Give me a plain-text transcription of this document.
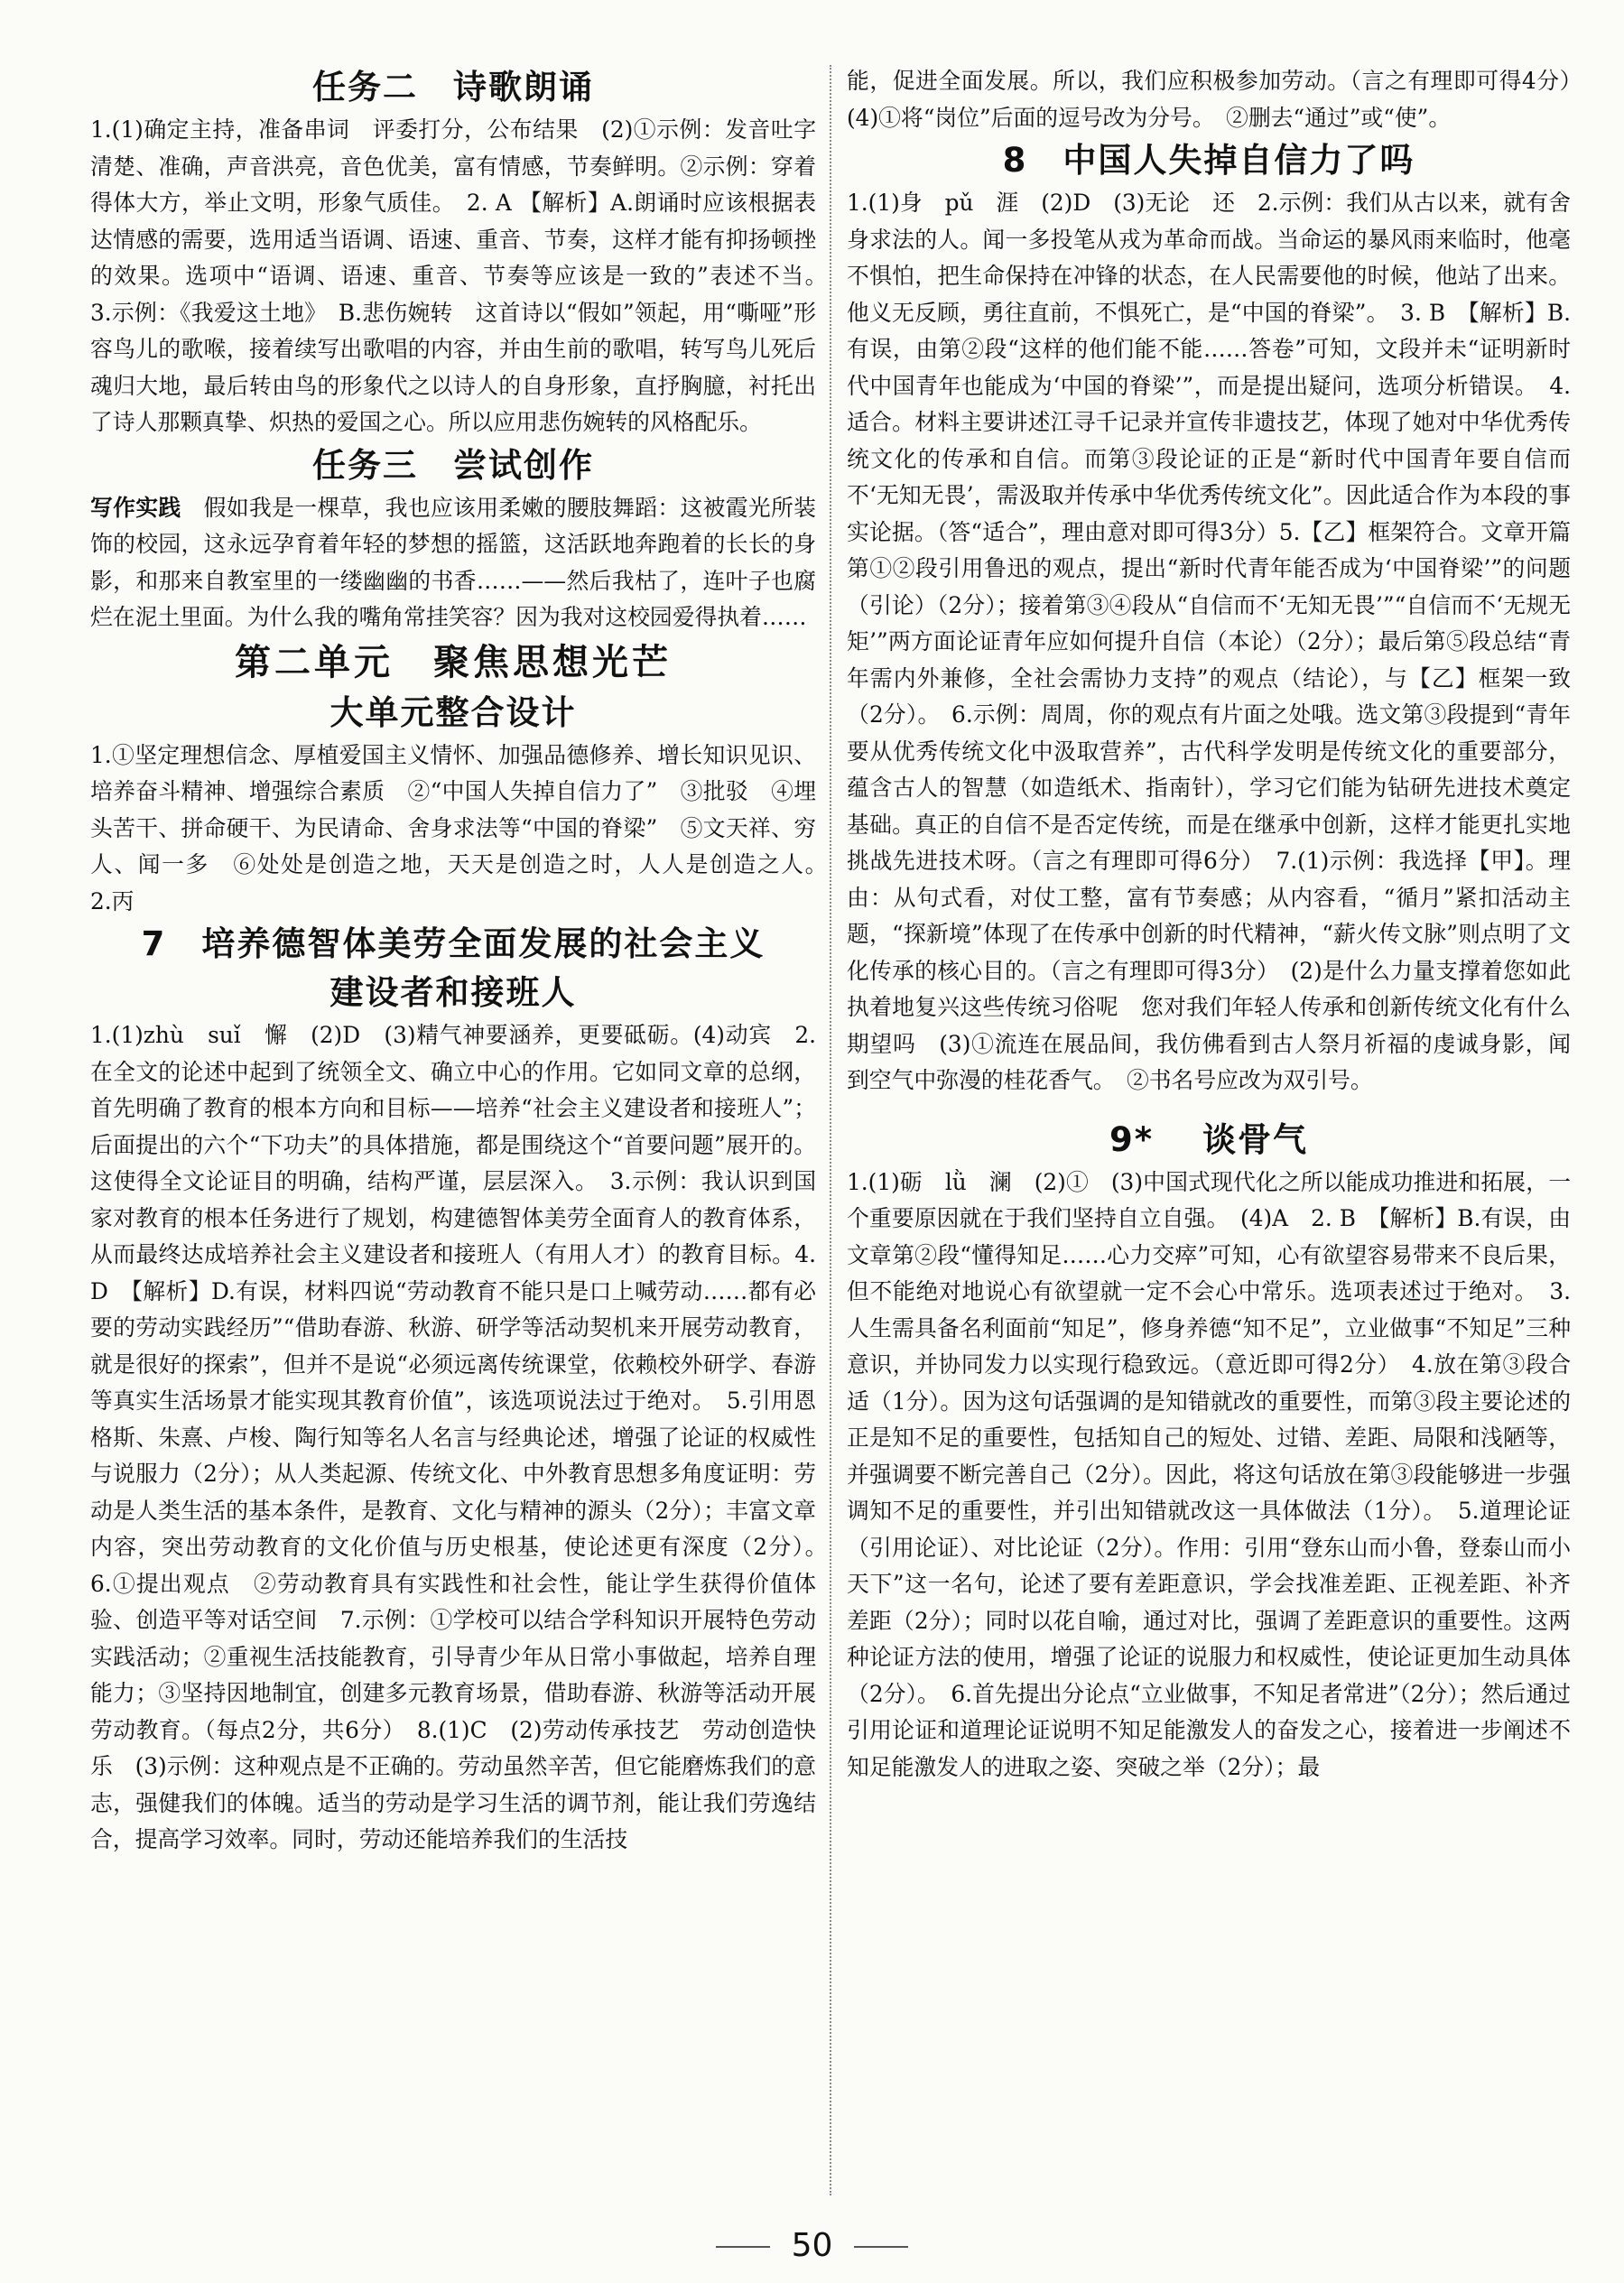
任务二　诗歌朗诵

1.(1)确定主持，准备串词　评委打分，公布结果　(2)①示例：发音吐字清楚、准确，声音洪亮，音色优美，富有情感，节奏鲜明。②示例：穿着得体大方，举止文明，形象气质佳。　2. A 【解析】A.朗诵时应该根据表达情感的需要，选用适当语调、语速、重音、节奏，这样才能有抑扬顿挫的效果。选项中“语调、语速、重音、节奏等应该是一致的”表述不当。　3.示例：《我爱这土地》　B.悲伤婉转　这首诗以“假如”领起，用“嘶哑”形容鸟儿的歌喉，接着续写出歌唱的内容，并由生前的歌唱，转写鸟儿死后魂归大地，最后转由鸟的形象代之以诗人的自身形象，直抒胸臆，衬托出了诗人那颗真挚、炽热的爱国之心。所以应用悲伤婉转的风格配乐。

任务三　尝试创作

写作实践　假如我是一棵草，我也应该用柔嫩的腰肢舞蹈：这被霞光所装饰的校园，这永远孕育着年轻的梦想的摇篮，这活跃地奔跑着的长长的身影，和那来自教室里的一缕幽幽的书香……——然后我枯了，连叶子也腐烂在泥土里面。为什么我的嘴角常挂笑容？因为我对这校园爱得执着……

第二单元　聚焦思想光芒
大单元整合设计

1.①坚定理想信念、厚植爱国主义情怀、加强品德修养、增长知识见识、培养奋斗精神、增强综合素质　②“中国人失掉自信力了”　③批驳　④埋头苦干、拼命硬干、为民请命、舍身求法等“中国的脊梁”　⑤文天祥、穷人、闻一多　⑥处处是创造之地，天天是创造之时，人人是创造之人。　2.丙

7　培养德智体美劳全面发展的社会主义
建设者和接班人

1.(1)zhù　suǐ　懈　(2)D　(3)精气神要涵养，更要砥砺。(4)动宾　2.在全文的论述中起到了统领全文、确立中心的作用。它如同文章的总纲，首先明确了教育的根本方向和目标——培养“社会主义建设者和接班人”；后面提出的六个“下功夫”的具体措施，都是围绕这个“首要问题”展开的。这使得全文论证目的明确，结构严谨，层层深入。　3.示例：我认识到国家对教育的根本任务进行了规划，构建德智体美劳全面育人的教育体系，从而最终达成培养社会主义建设者和接班人（有用人才）的教育目标。4. D　【解析】D.有误，材料四说“劳动教育不能只是口上喊劳动……都有必要的劳动实践经历”“借助春游、秋游、研学等活动契机来开展劳动教育，就是很好的探索”，但并不是说“必须远离传统课堂，依赖校外研学、春游等真实生活场景才能实现其教育价值”，该选项说法过于绝对。　5.引用恩格斯、朱熹、卢梭、陶行知等名人名言与经典论述，增强了论证的权威性与说服力（2分）；从人类起源、传统文化、中外教育思想多角度证明：劳动是人类生活的基本条件，是教育、文化与精神的源头（2分）；丰富文章内容，突出劳动教育的文化价值与历史根基，使论述更有深度（2分）。　6.①提出观点　②劳动教育具有实践性和社会性，能让学生获得价值体验、创造平等对话空间　7.示例：①学校可以结合学科知识开展特色劳动实践活动；②重视生活技能教育，引导青少年从日常小事做起，培养自理能力；③坚持因地制宜，创建多元教育场景，借助春游、秋游等活动开展劳动教育。（每点2分，共6分）　8.(1)C　(2)劳动传承技艺　劳动创造快乐　(3)示例：这种观点是不正确的。劳动虽然辛苦，但它能磨炼我们的意志，强健我们的体魄。适当的劳动是学习生活的调节剂，能让我们劳逸结合，提高学习效率。同时，劳动还能培养我们的生活技

能，促进全面发展。所以，我们应积极参加劳动。（言之有理即可得4分）　(4)①将“岗位”后面的逗号改为分号。　②删去“通过”或“使”。

8　中国人失掉自信力了吗

1.(1)身　pǔ　涯　(2)D　(3)无论　还　2.示例：我们从古以来，就有舍身求法的人。闻一多投笔从戎为革命而战。当命运的暴风雨来临时，他毫不惧怕，把生命保持在冲锋的状态，在人民需要他的时候，他站了出来。他义无反顾，勇往直前，不惧死亡，是“中国的脊梁”。　3. B　【解析】B.有误，由第②段“这样的他们能不能……答卷”可知，文段并未“证明新时代中国青年也能成为‘中国的脊梁’”，而是提出疑问，选项分析错误。　4.适合。材料主要讲述江寻千记录并宣传非遗技艺，体现了她对中华优秀传统文化的传承和自信。而第③段论证的正是“新时代中国青年要自信而不‘无知无畏’，需汲取并传承中华优秀传统文化”。因此适合作为本段的事实论据。（答“适合”，理由意对即可得3分）5.【乙】框架符合。文章开篇第①②段引用鲁迅的观点，提出“新时代青年能否成为‘中国脊梁’”的问题（引论）（2分）；接着第③④段从“自信而不‘无知无畏’”“自信而不‘无规无矩’”两方面论证青年应如何提升自信（本论）（2分）；最后第⑤段总结“青年需内外兼修，全社会需协力支持”的观点（结论），与【乙】框架一致（2分）。　6.示例：周周，你的观点有片面之处哦。选文第③段提到“青年要从优秀传统文化中汲取营养”，古代科学发明是传统文化的重要部分，蕴含古人的智慧（如造纸术、指南针），学习它们能为钻研先进技术奠定基础。真正的自信不是否定传统，而是在继承中创新，这样才能更扎实地挑战先进技术呀。（言之有理即可得6分）　7.(1)示例：我选择【甲】。理由：从句式看，对仗工整，富有节奏感；从内容看，“循月”紧扣活动主题，“探新境”体现了在传承中创新的时代精神，“薪火传文脉”则点明了文化传承的核心目的。（言之有理即可得3分）　(2)是什么力量支撑着您如此执着地复兴这些传统习俗呢　您对我们年轻人传承和创新传统文化有什么期望吗　(3)①流连在展品间，我仿佛看到古人祭月祈福的虔诚身影，闻到空气中弥漫的桂花香气。　②书名号应改为双引号。

9* 　谈骨气

1.(1)砺　lǜ　澜　(2)①　(3)中国式现代化之所以能成功推进和拓展，一个重要原因就在于我们坚持自立自强。　(4)A　2. B　【解析】B.有误，由文章第②段“懂得知足……心力交瘁”可知，心有欲望容易带来不良后果，但不能绝对地说心有欲望就一定不会心中常乐。选项表述过于绝对。　3.人生需具备名利面前“知足”，修身养德“知不足”，立业做事“不知足”三种意识，并协同发力以实现行稳致远。（意近即可得2分）　4.放在第③段合适（1分）。因为这句话强调的是知错就改的重要性，而第③段主要论述的正是知不足的重要性，包括知自己的短处、过错、差距、局限和浅陋等，并强调要不断完善自己（2分）。因此，将这句话放在第③段能够进一步强调知不足的重要性，并引出知错就改这一具体做法（1分）。　5.道理论证（引用论证）、对比论证（2分）。作用：引用“登东山而小鲁，登泰山而小天下”这一名句，论述了要有差距意识，学会找准差距、正视差距、补齐差距（2分）；同时以花自喻，通过对比，强调了差距意识的重要性。这两种论证方法的使用，增强了论证的说服力和权威性，使论证更加生动具体（2分）。　6.首先提出分论点“立业做事，不知足者常进”（2分）；然后通过引用论证和道理论证说明不知足能激发人的奋发之心，接着进一步阐述不知足能激发人的进取之姿、突破之举（2分）；最

50
